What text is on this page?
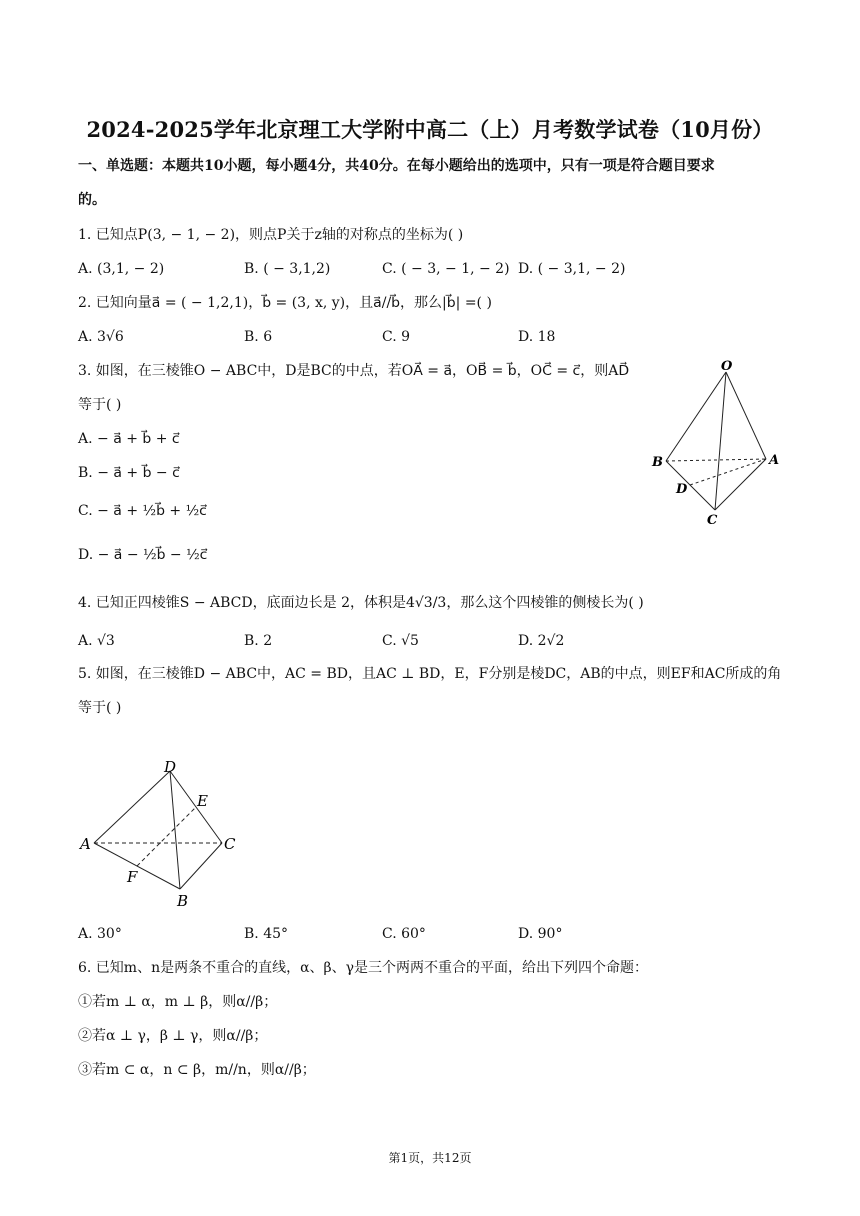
2024-2025学年北京理工大学附中高二（上）月考数学试卷（10月份）
一、单选题：本题共10小题，每小题4分，共40分。在每小题给出的选项中，只有一项是符合题目要求
的。
1. 已知点P(3, − 1, − 2)，则点P关于z轴的对称点的坐标为( )
A. (3,1, − 2)	B. ( − 3,1,2)	C. ( − 3, − 1, − 2) D. ( − 3,1, − 2)
2. 已知向量a⃗ = ( − 1,2,1)，b⃗ = (3, x, y)，且a⃗//b⃗，那么|b⃗| =( )
A. 3√6	B. 6	C. 9	D. 18
3. 如图，在三棱锥O − ABC中，D是BC的中点，若OA⃗ = a⃗，OB⃗ = b⃗，OC⃗ = c⃗，则AD⃗
等于( )
A. − a⃗ + b⃗ + c⃗
B. − a⃗ + b⃗ − c⃗
C. − a⃗ + ½b⃗ + ½c⃗
D. − a⃗ − ½b⃗ − ½c⃗
O
B	A
D
C
4. 已知正四棱锥S − ABCD，底面边长是 2，体积是4√3/3，那么这个四棱锥的侧棱长为( )
A. √3	B. 2	C. √5	D. 2√2
5. 如图，在三棱锥D − ABC中，AC = BD，且AC ⊥ BD，E，F分别是棱DC，AB的中点，则EF和AC所成的角
等于( )
D
E
A	C
F
B
A. 30°	B. 45°	C. 60°	D. 90°
6. 已知m、n是两条不重合的直线，α、β、γ是三个两两不重合的平面，给出下列四个命题：
①若m ⊥ α，m ⊥ β，则α//β；
②若α ⊥ γ，β ⊥ γ，则α//β；
③若m ⊂ α，n ⊂ β，m//n，则α//β；
第1页，共12页
